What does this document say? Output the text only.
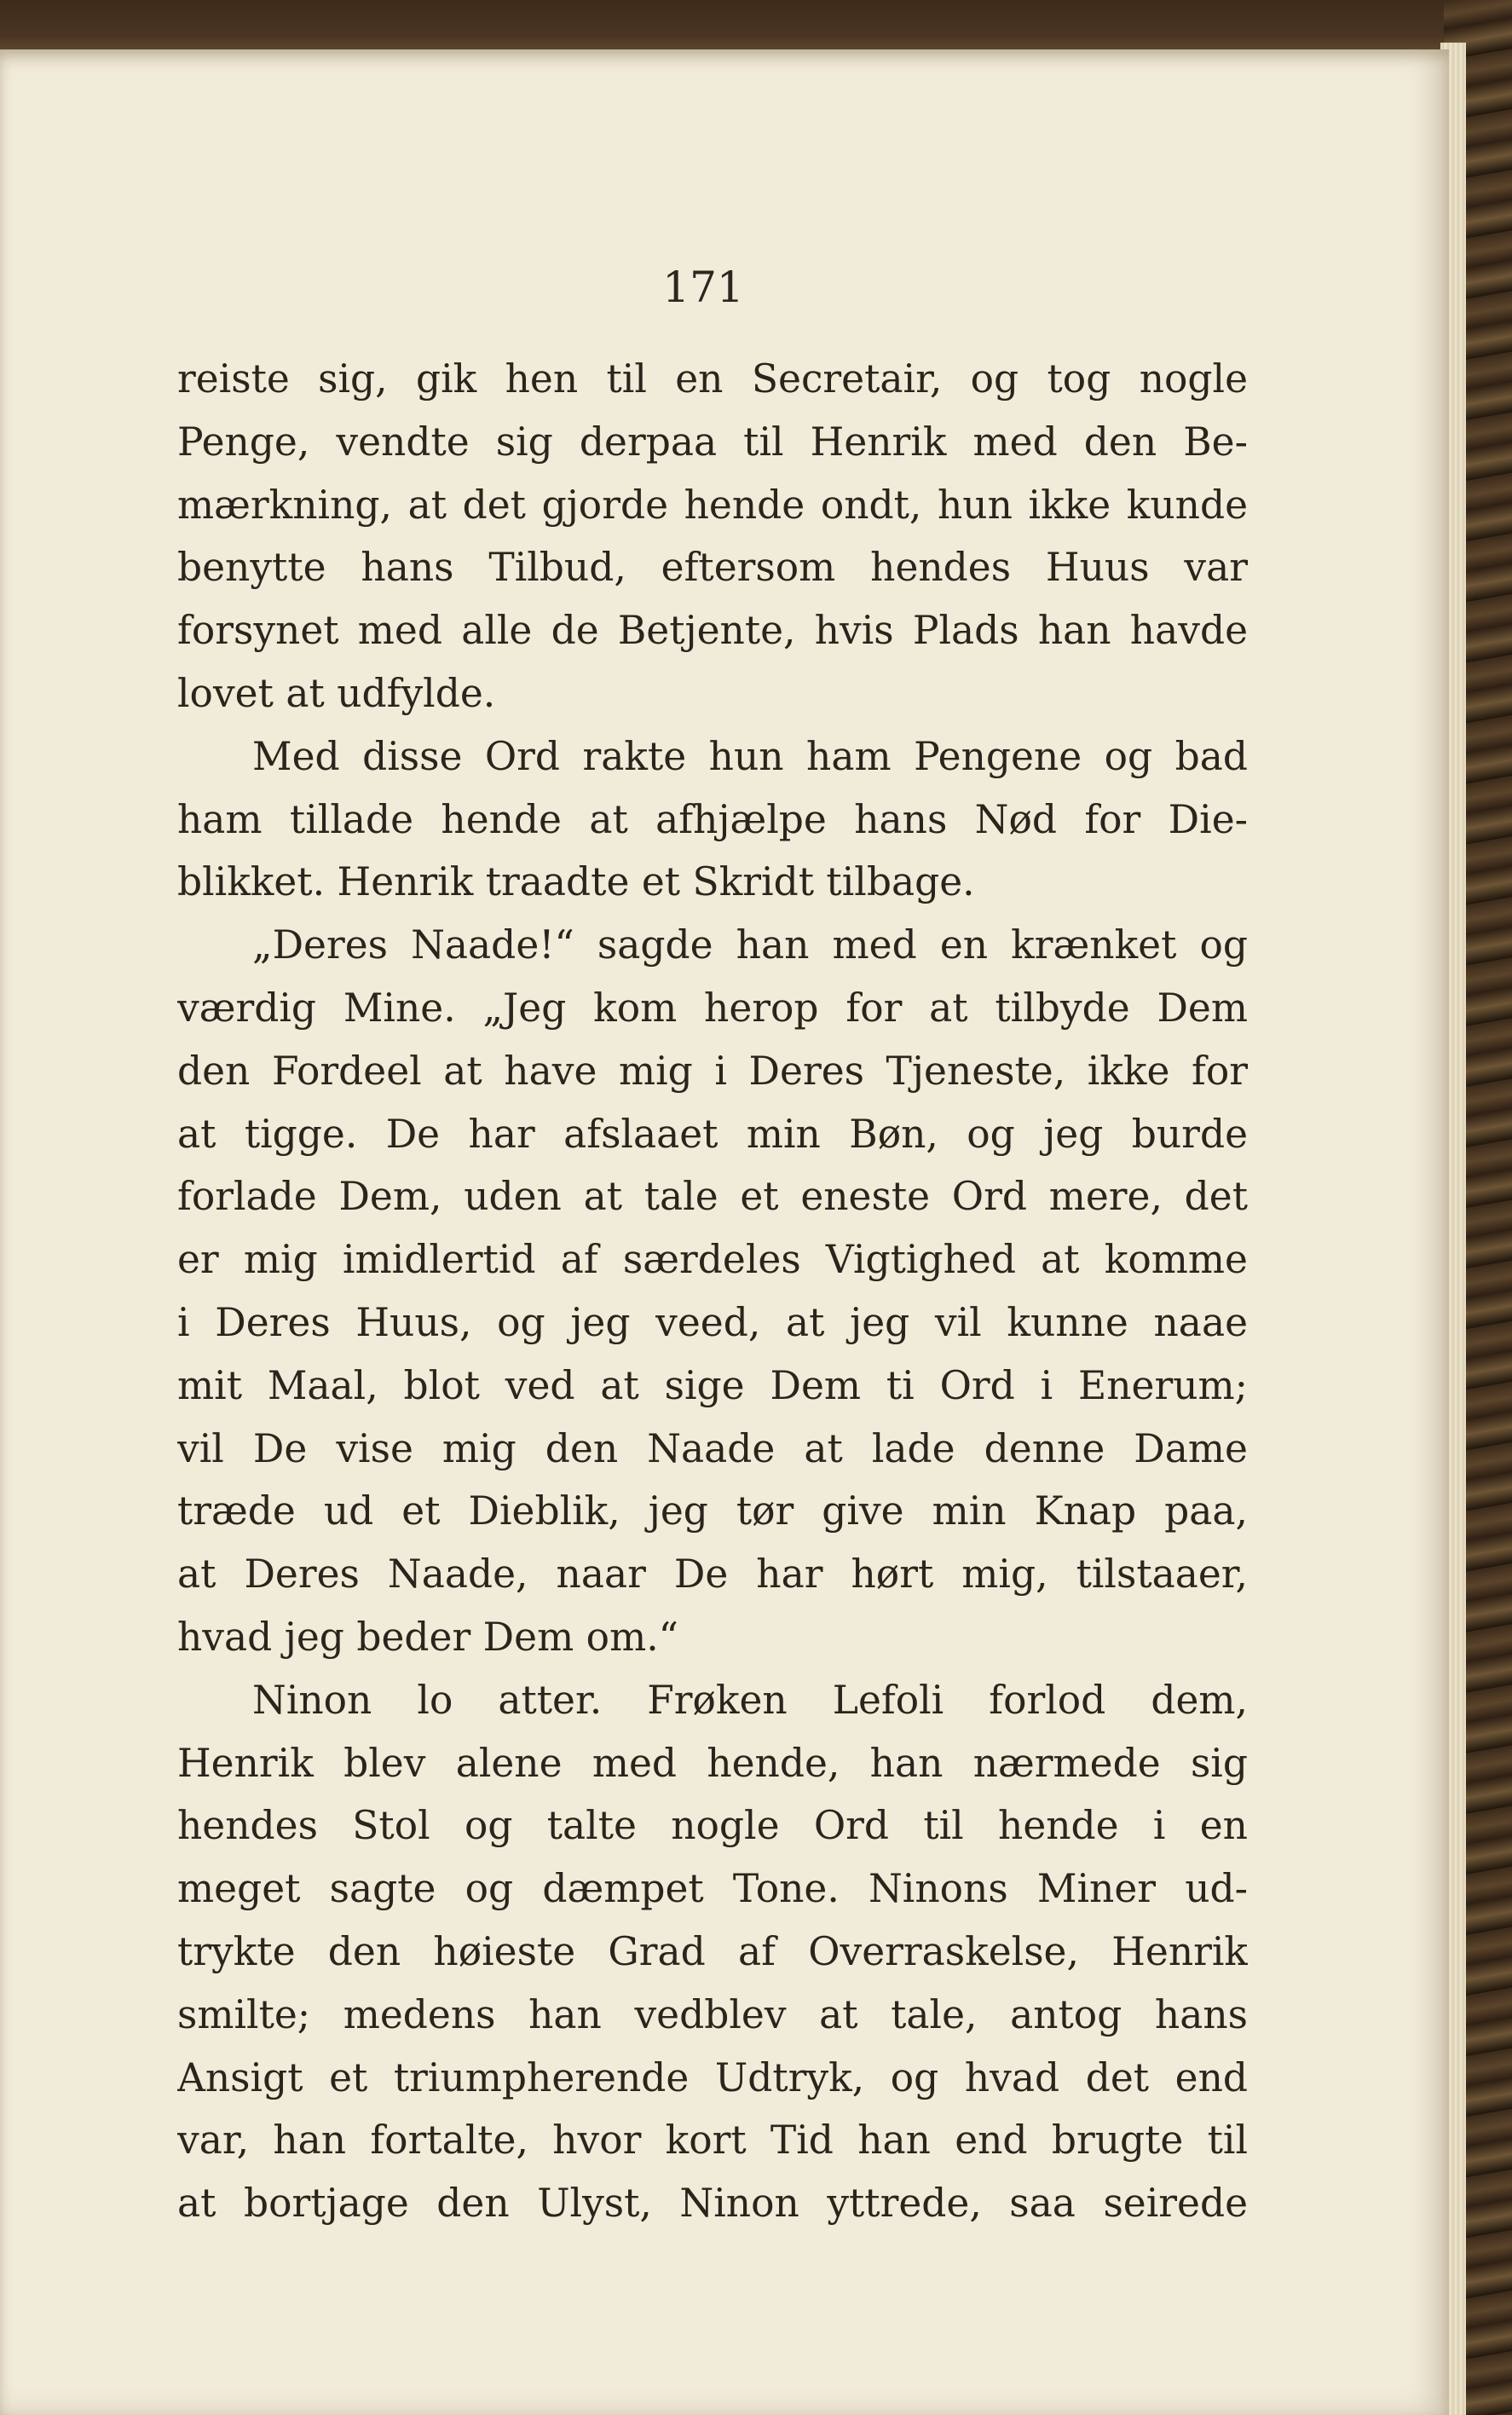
171
reiste sig, gik hen til en Secretair, og tog nogle
Penge, vendte sig derpaa til Henrik med den Be-
mærkning, at det gjorde hende ondt, hun ikke kunde
benytte hans Tilbud, eftersom hendes Huus var
forsynet med alle de Betjente, hvis Plads han havde
lovet at udfylde.
Med disse Ord rakte hun ham Pengene og bad
ham tillade hende at afhjælpe hans Nød for Die-
blikket. Henrik traadte et Skridt tilbage.
„Deres Naade!“ sagde han med en krænket og
værdig Mine. „Jeg kom herop for at tilbyde Dem
den Fordeel at have mig i Deres Tjeneste, ikke for
at tigge. De har afslaaet min Bøn, og jeg burde
forlade Dem, uden at tale et eneste Ord mere, det
er mig imidlertid af særdeles Vigtighed at komme
i Deres Huus, og jeg veed, at jeg vil kunne naae
mit Maal, blot ved at sige Dem ti Ord i Enerum;
vil De vise mig den Naade at lade denne Dame
træde ud et Dieblik, jeg tør give min Knap paa,
at Deres Naade, naar De har hørt mig, tilstaaer,
hvad jeg beder Dem om.“
Ninon lo atter. Frøken Lefoli forlod dem,
Henrik blev alene med hende, han nærmede sig
hendes Stol og talte nogle Ord til hende i en
meget sagte og dæmpet Tone. Ninons Miner ud-
trykte den høieste Grad af Overraskelse, Henrik
smilte; medens han vedblev at tale, antog hans
Ansigt et triumpherende Udtryk, og hvad det end
var, han fortalte, hvor kort Tid han end brugte til
at bortjage den Ulyst, Ninon yttrede, saa seirede
